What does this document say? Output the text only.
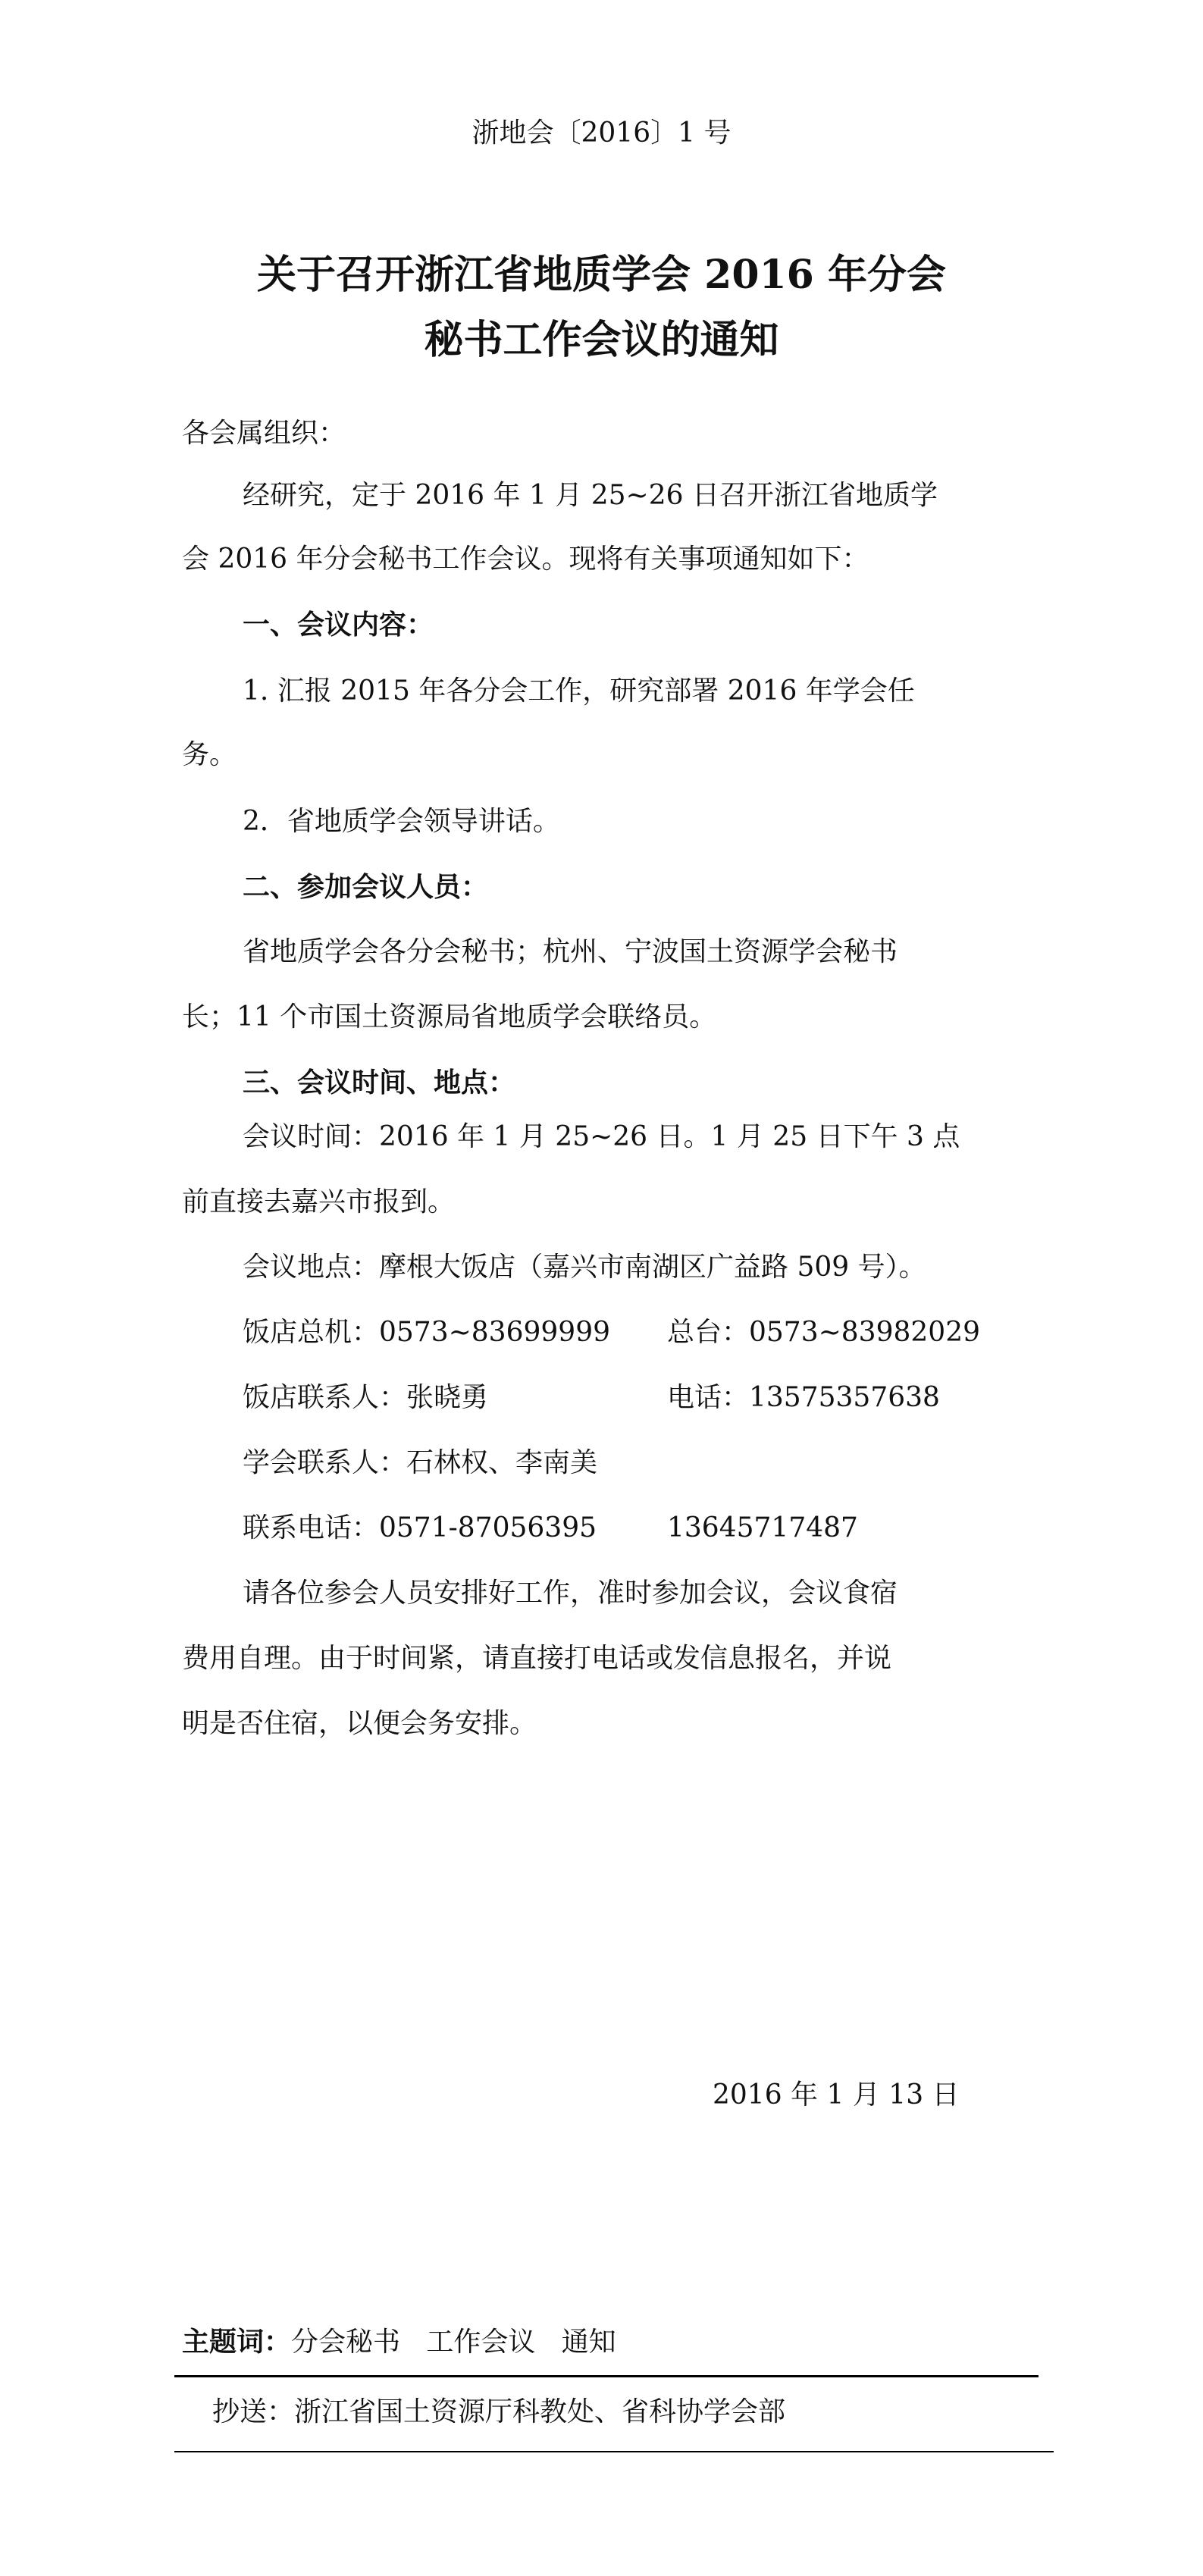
浙地会〔2016〕1 号
关于召开浙江省地质学会 2016 年分会
秘书工作会议的通知
各会属组织：
经研究，定于 2016 年 1 月 25~26 日召开浙江省地质学
会 2016 年分会秘书工作会议。现将有关事项通知如下：
一、会议内容：
1. 汇报 2015 年各分会工作，研究部署 2016 年学会任
务。
2．省地质学会领导讲话。
二、参加会议人员：
省地质学会各分会秘书；杭州、宁波国土资源学会秘书
长；11 个市国土资源局省地质学会联络员。
三、会议时间、地点：
会议时间：2016 年 1 月 25~26 日。1 月 25 日下午 3 点
前直接去嘉兴市报到。
会议地点：摩根大饭店（嘉兴市南湖区广益路 509 号）。
饭店总机：0573~83699999 总台：0573~83982029
饭店联系人：张晓勇	电话：13575357638
学会联系人：石林权、李南美
联系电话：0571-87056395	13645717487
请各位参会人员安排好工作，准时参加会议，会议食宿
费用自理。由于时间紧，请直接打电话或发信息报名，并说
明是否住宿，以便会务安排。
2016 年 1 月 13 日
主题词：分会秘书   工作会议   通知
抄送：浙江省国土资源厅科教处、省科协学会部
